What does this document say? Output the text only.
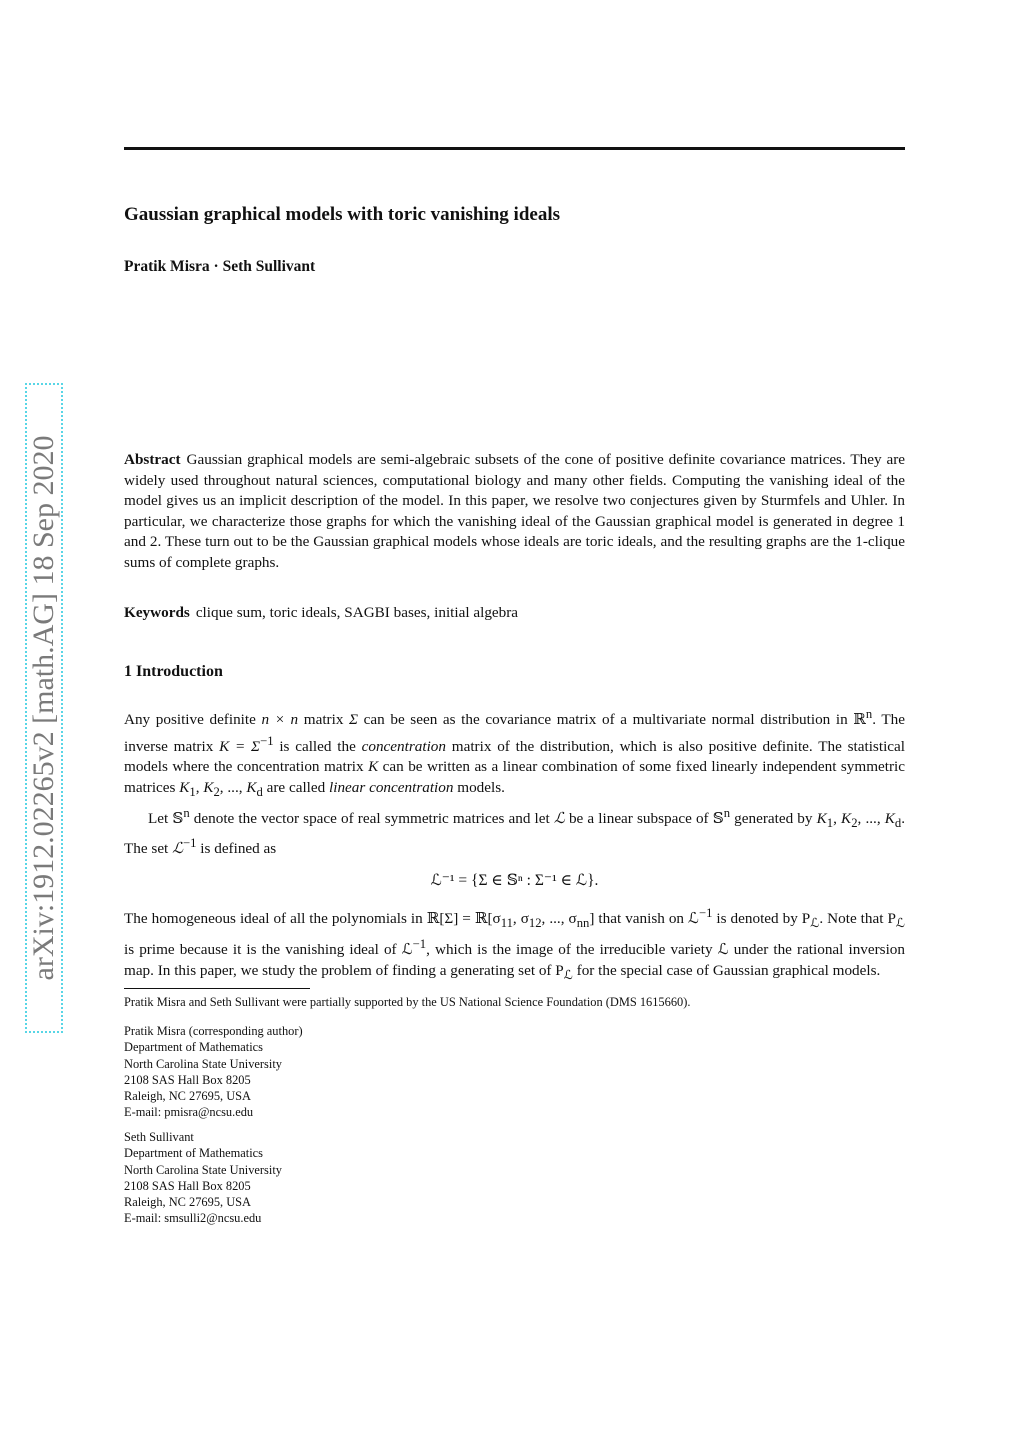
arXiv:1912.02265v2 [math.AG] 18 Sep 2020
Gaussian graphical models with toric vanishing ideals
Pratik Misra · Seth Sullivant
Abstract Gaussian graphical models are semi-algebraic subsets of the cone of positive definite covariance matrices. They are widely used throughout natural sciences, computational biology and many other fields. Computing the vanishing ideal of the model gives us an implicit description of the model. In this paper, we resolve two conjectures given by Sturmfels and Uhler. In particular, we characterize those graphs for which the vanishing ideal of the Gaussian graphical model is generated in degree 1 and 2. These turn out to be the Gaussian graphical models whose ideals are toric ideals, and the resulting graphs are the 1-clique sums of complete graphs.
Keywords clique sum, toric ideals, SAGBI bases, initial algebra
1 Introduction

Any positive definite n × n matrix Σ can be seen as the covariance matrix of a multivariate normal distribution in ℝ$^n$. The inverse matrix $K = \Sigma^{-1}$ is called the concentration matrix of the distribution, which is also positive definite. The statistical models where the concentration matrix K can be written as a linear combination of some fixed linearly independent symmetric matrices $K_1$, $K_2$, ..., $K_d$ are called linear concentration models.

Let 𝕊$^n$ denote the vector space of real symmetric matrices and let ℒ be a linear subspace of 𝕊$^n$ generated by $K_1$, $K_2$, ..., $K_d$. The set ℒ$^{-1}$ is defined as

ℒ⁻¹ = {Σ ∈ 𝕊ⁿ : Σ⁻¹ ∈ ℒ}.

The homogeneous ideal of all the polynomials in ℝ[Σ] = $ℝ[\sigma_{11}$, $\sigma_{12}$, ..., $\sigma_{nn}$] that vanish on ℒ$^{-1}$ is denoted by $P_ℒ$. Note that $P_ℒ$ is prime because it is the vanishing ideal of ℒ$^{-1}$, which is the image of the irreducible variety ℒ under the rational inversion map. In this paper, we study the problem of finding a generating set of $P_ℒ$ for the special case of Gaussian graphical models.

Pratik Misra and Seth Sullivant were partially supported by the US National Science Foundation (DMS 1615660).
Pratik Misra (corresponding author)
Department of Mathematics
North Carolina State University
2108 SAS Hall Box 8205
Raleigh, NC 27695, USA
E-mail: pmisra@ncsu.edu
Seth Sullivant
Department of Mathematics
North Carolina State University
2108 SAS Hall Box 8205
Raleigh, NC 27695, USA
E-mail: smsulli2@ncsu.edu
